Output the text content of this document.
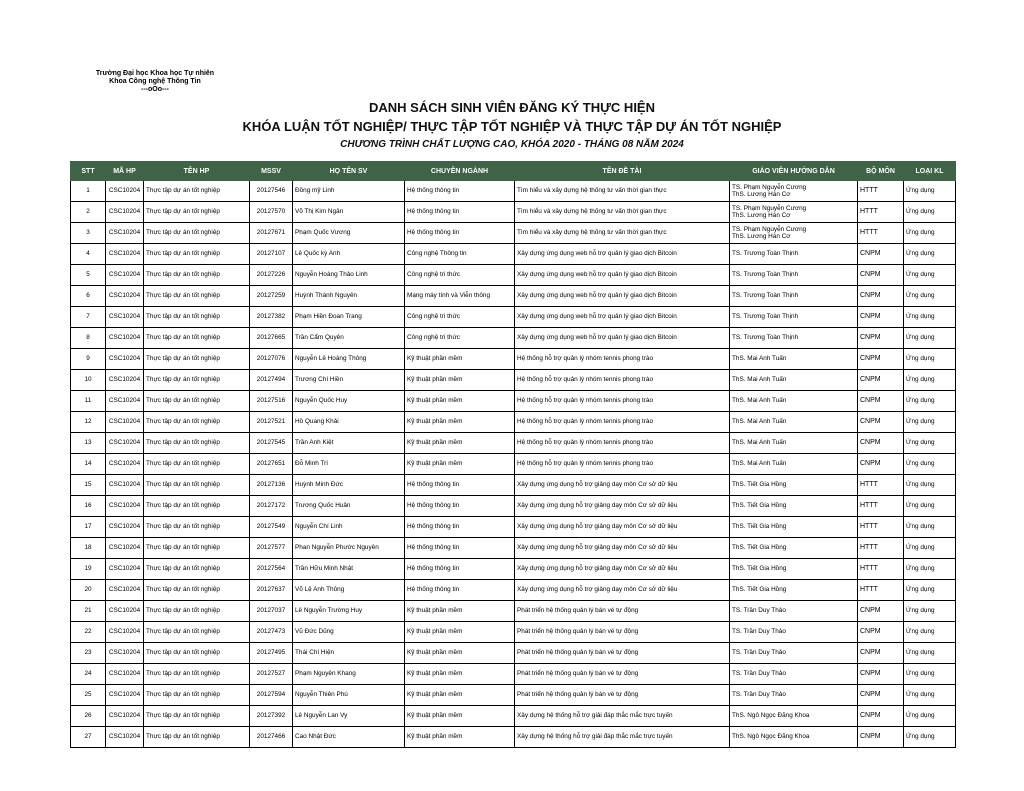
Trường Đại học Khoa học Tự nhiên
Khoa Công nghệ Thông Tin
---oOo---
DANH SÁCH SINH VIÊN ĐĂNG KÝ THỰC HIỆN
KHÓA LUẬN TỐT NGHIỆP/ THỰC TẬP TỐT NGHIỆP VÀ THỰC TẬP DỰ ÁN TỐT NGHIỆP
CHƯƠNG TRÌNH CHẤT LƯỢNG CAO, KHÓA 2020 - THÁNG 08 NĂM 2024
STT	MÃ HP	TÊN HP	MSSV	HỌ TÊN SV	CHUYÊN NGÀNH	TÊN ĐỀ TÀI	GIÁO VIÊN HƯỚNG DẪN	BỘ MÔN	LOẠI KL
1	CSC10204	Thực tập dự án tốt nghiệp	20127546	Đồng mỹ Linh	Hệ thống thông tin	Tìm hiểu và xây dựng hệ thống tư vấn thời gian thực	TS. Phạm Nguyễn Cương
ThS. Lương Hán Cơ	HTTT	Ứng dụng
2	CSC10204	Thực tập dự án tốt nghiệp	20127570	Võ Thị Kim Ngân	Hệ thống thông tin	Tìm hiểu và xây dựng hệ thống tư vấn thời gian thực	TS. Phạm Nguyễn Cương
ThS. Lương Hán Cơ	HTTT	Ứng dụng
3	CSC10204	Thực tập dự án tốt nghiệp	20127671	Phạm Quốc Vương	Hệ thống thông tin	Tìm hiểu và xây dựng hệ thống tư vấn thời gian thực	TS. Phạm Nguyễn Cương
ThS. Lương Hán Cơ	HTTT	Ứng dụng
4	CSC10204	Thực tập dự án tốt nghiệp	20127107	Lê Quốc kỳ Anh	Công nghệ Thông tin	Xây dựng ứng dụng web hỗ trợ quản lý giao dịch Bitcoin	TS. Trương Toàn Thịnh	CNPM	Ứng dụng
5	CSC10204	Thực tập dự án tốt nghiệp	20127226	Nguyễn Hoàng Thảo Linh	Công nghệ tri thức	Xây dựng ứng dụng web hỗ trợ quản lý giao dịch Bitcoin	TS. Trương Toàn Thịnh	CNPM	Ứng dụng
6	CSC10204	Thực tập dự án tốt nghiệp	20127259	Huỳnh Thành Nguyên	Mạng máy tính và Viễn thông	Xây dựng ứng dụng web hỗ trợ quản lý giao dịch Bitcoin	TS. Trương Toàn Thịnh	CNPM	Ứng dụng
7	CSC10204	Thực tập dự án tốt nghiệp	20127382	Phạm Hiền Đoan Trang	Công nghệ tri thức	Xây dựng ứng dụng web hỗ trợ quản lý giao dịch Bitcoin	TS. Trương Toàn Thịnh	CNPM	Ứng dụng
8	CSC10204	Thực tập dự án tốt nghiệp	20127665	Trần Cẩm Quyên	Công nghệ tri thức	Xây dựng ứng dụng web hỗ trợ quản lý giao dịch Bitcoin	TS. Trương Toàn Thịnh	CNPM	Ứng dụng
9	CSC10204	Thực tập dự án tốt nghiệp	20127076	Nguyễn Lê Hoàng Thông	Kỹ thuật phần mềm	Hệ thống hỗ trợ quản lý nhóm tennis phong trào	ThS. Mai Anh Tuấn	CNPM	Ứng dụng
10	CSC10204	Thực tập dự án tốt nghiệp	20127494	Trương Chí Hiền	Kỹ thuật phần mềm	Hệ thống hỗ trợ quản lý nhóm tennis phong trào	ThS. Mai Anh Tuấn	CNPM	Ứng dụng
11	CSC10204	Thực tập dự án tốt nghiệp	20127516	Nguyễn Quốc Huy	Kỹ thuật phần mềm	Hệ thống hỗ trợ quản lý nhóm tennis phong trào	ThS. Mai Anh Tuấn	CNPM	Ứng dụng
12	CSC10204	Thực tập dự án tốt nghiệp	20127521	Hồ Quang Khải	Kỹ thuật phần mềm	Hệ thống hỗ trợ quản lý nhóm tennis phong trào	ThS. Mai Anh Tuấn	CNPM	Ứng dụng
13	CSC10204	Thực tập dự án tốt nghiệp	20127545	Trần Anh Kiệt	Kỹ thuật phần mềm	Hệ thống hỗ trợ quản lý nhóm tennis phong trào	ThS. Mai Anh Tuấn	CNPM	Ứng dụng
14	CSC10204	Thực tập dự án tốt nghiệp	20127651	Đỗ Minh Trí	Kỹ thuật phần mềm	Hệ thống hỗ trợ quản lý nhóm tennis phong trào	ThS. Mai Anh Tuấn	CNPM	Ứng dụng
15	CSC10204	Thực tập dự án tốt nghiệp	20127136	Huỳnh Minh Đức	Hệ thống thông tin	Xây dựng ứng dụng hỗ trợ giảng dạy môn Cơ sở dữ liệu	ThS. Tiết Gia Hồng	HTTT	Ứng dụng
16	CSC10204	Thực tập dự án tốt nghiệp	20127172	Trương Quốc Huân	Hệ thống thông tin	Xây dựng ứng dụng hỗ trợ giảng dạy môn Cơ sở dữ liệu	ThS. Tiết Gia Hồng	HTTT	Ứng dụng
17	CSC10204	Thực tập dự án tốt nghiệp	20127549	Nguyễn Chí Linh	Hệ thống thông tin	Xây dựng ứng dụng hỗ trợ giảng dạy môn Cơ sở dữ liệu	ThS. Tiết Gia Hồng	HTTT	Ứng dụng
18	CSC10204	Thực tập dự án tốt nghiệp	20127577	Phan Nguyễn Phước Nguyên	Hệ thống thông tin	Xây dựng ứng dụng hỗ trợ giảng dạy môn Cơ sở dữ liệu	ThS. Tiết Gia Hồng	HTTT	Ứng dụng
19	CSC10204	Thực tập dự án tốt nghiệp	20127564	Trần Hữu Minh Nhật	Hệ thống thông tin	Xây dựng ứng dụng hỗ trợ giảng dạy môn Cơ sở dữ liệu	ThS. Tiết Gia Hồng	HTTT	Ứng dụng
20	CSC10204	Thực tập dự án tốt nghiệp	20127637	Võ Lệ Anh Thông	Hệ thống thông tin	Xây dựng ứng dụng hỗ trợ giảng dạy môn Cơ sở dữ liệu	ThS. Tiết Gia Hồng	HTTT	Ứng dụng
21	CSC10204	Thực tập dự án tốt nghiệp	20127037	Lê Nguyễn Trường Huy	Kỹ thuật phần mềm	Phát triển hệ thống quản lý bán vé tự động	TS. Trần Duy Thảo	CNPM	Ứng dụng
22	CSC10204	Thực tập dự án tốt nghiệp	20127473	Vũ Đức Dũng	Kỹ thuật phần mềm	Phát triển hệ thống quản lý bán vé tự động	TS. Trần Duy Thảo	CNPM	Ứng dụng
23	CSC10204	Thực tập dự án tốt nghiệp	20127495	Thái Chí Hiện	Kỹ thuật phần mềm	Phát triển hệ thống quản lý bán vé tự động	TS. Trần Duy Thảo	CNPM	Ứng dụng
24	CSC10204	Thực tập dự án tốt nghiệp	20127527	Phạm Nguyên Khang	Kỹ thuật phần mềm	Phát triển hệ thống quản lý bán vé tự động	TS. Trần Duy Thảo	CNPM	Ứng dụng
25	CSC10204	Thực tập dự án tốt nghiệp	20127594	Nguyễn Thiên Phú	Kỹ thuật phần mềm	Phát triển hệ thống quản lý bán vé tự động	TS. Trần Duy Thảo	CNPM	Ứng dụng
26	CSC10204	Thực tập dự án tốt nghiệp	20127392	Lê Nguyễn Lan Vy	Kỹ thuật phần mềm	Xây dựng hệ thống hỗ trợ giải đáp thắc mắc trực tuyến	ThS. Ngô Ngọc Đăng Khoa	CNPM	Ứng dụng
27	CSC10204	Thực tập dự án tốt nghiệp	20127466	Cao Nhật Đức	Kỹ thuật phần mềm	Xây dựng hệ thống hỗ trợ giải đáp thắc mắc trực tuyến	ThS. Ngô Ngọc Đăng Khoa	CNPM	Ứng dụng
